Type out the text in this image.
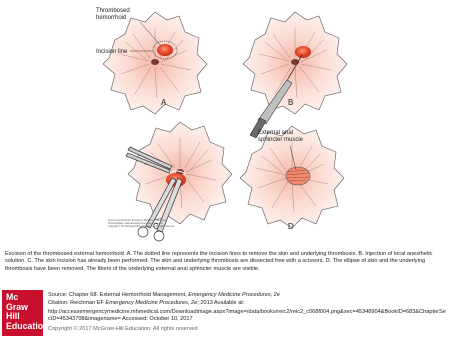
Thrombosed hemorrhoid
Incision line
A	B
Source: Reichman EF: Emergency Medicine Procedures,
Second Edition: www.accessemergencymedicine.com
Copyright © The McGraw-Hill Companies, Inc. All rights reserved.
C
External anal sphincter muscle
D
Excision of the thrombosed external hemorrhoid. A. The dotted line represents the incision lines to remove the skin and underlying thrombosis. B. Injection of local anesthetic solution. C. The skin incision has already been performed. The skin and underlying thrombosis are dissected free with a scissors. D. The ellipse of skin and the underlying thrombosis have been removed. The fibers of the underlying external anal sphincter muscle are visible.
Mc
Graw
Hill
Education
Source: Chapter 68. External Hemorrhoid Management, Emergency Medicine Procedures, 2e
Citation: Reichman EF Emergency Medicine Procedures, 2e; 2013 Available at:
http://accessemergencymedicine.mhmedical.com/Downloadimage.aspx?image=/data/books/reic2/reic2_c068f004.png&sec=45348904&BookID=683&ChapterSecID=45343708&imagename= Accessed: October 10, 2017
Copyright © 2017 McGraw-Hill Education. All rights reserved
